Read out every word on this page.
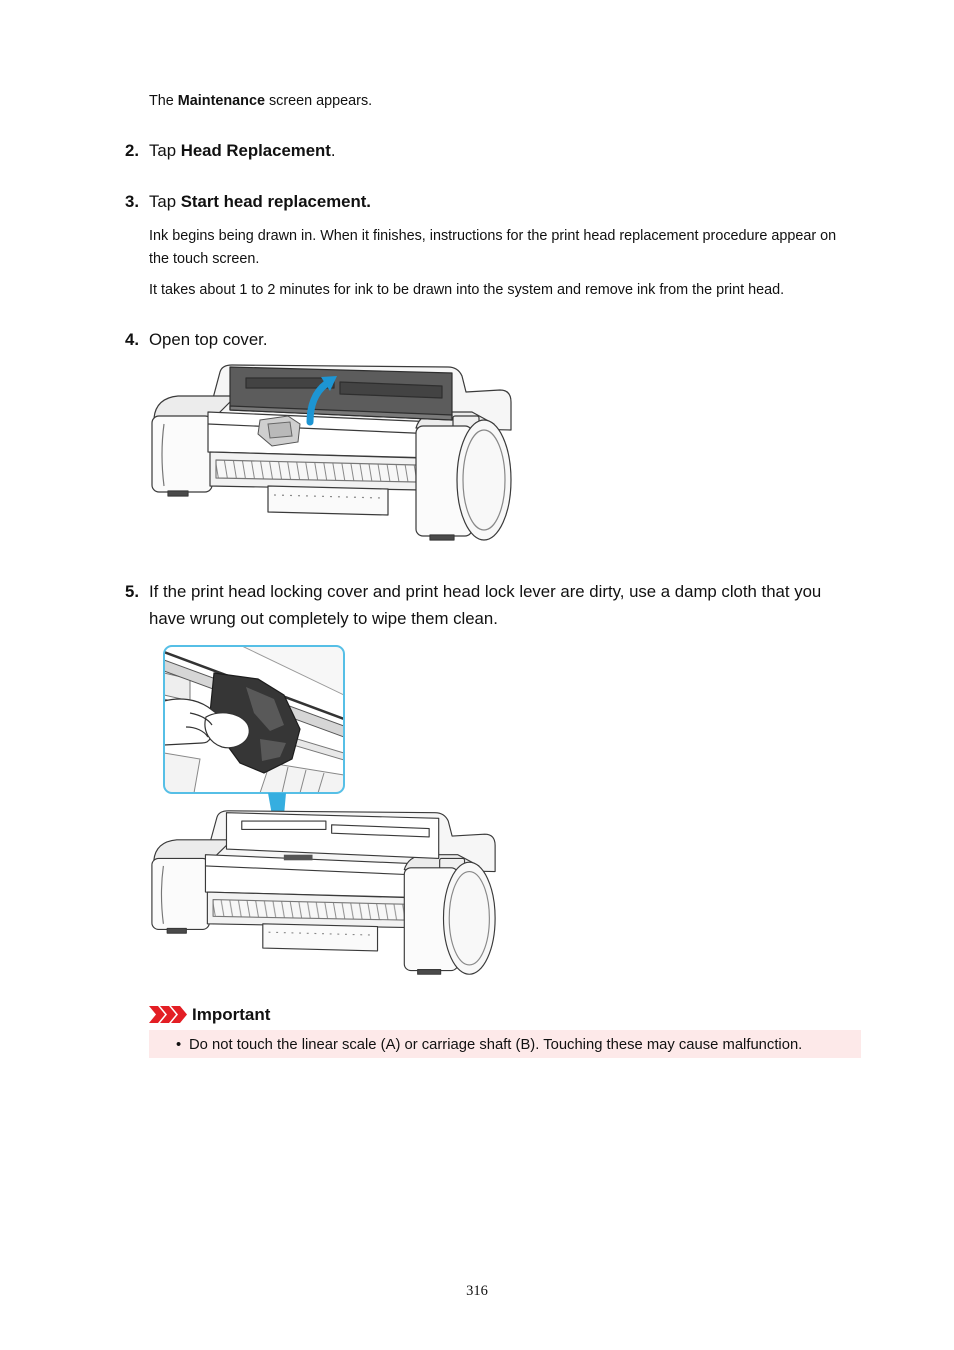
The Maintenance screen appears.
2. Tap Head Replacement.
3. Tap Start head replacement.
Ink begins being drawn in. When it finishes, instructions for the print head replacement procedure appear on the touch screen.
It takes about 1 to 2 minutes for ink to be drawn into the system and remove ink from the print head.
4. Open top cover.
5. If the print head locking cover and print head lock lever are dirty, use a damp cloth that you have wrung out completely to wipe them clean.
Important
• Do not touch the linear scale (A) or carriage shaft (B). Touching these may cause malfunction.
316
